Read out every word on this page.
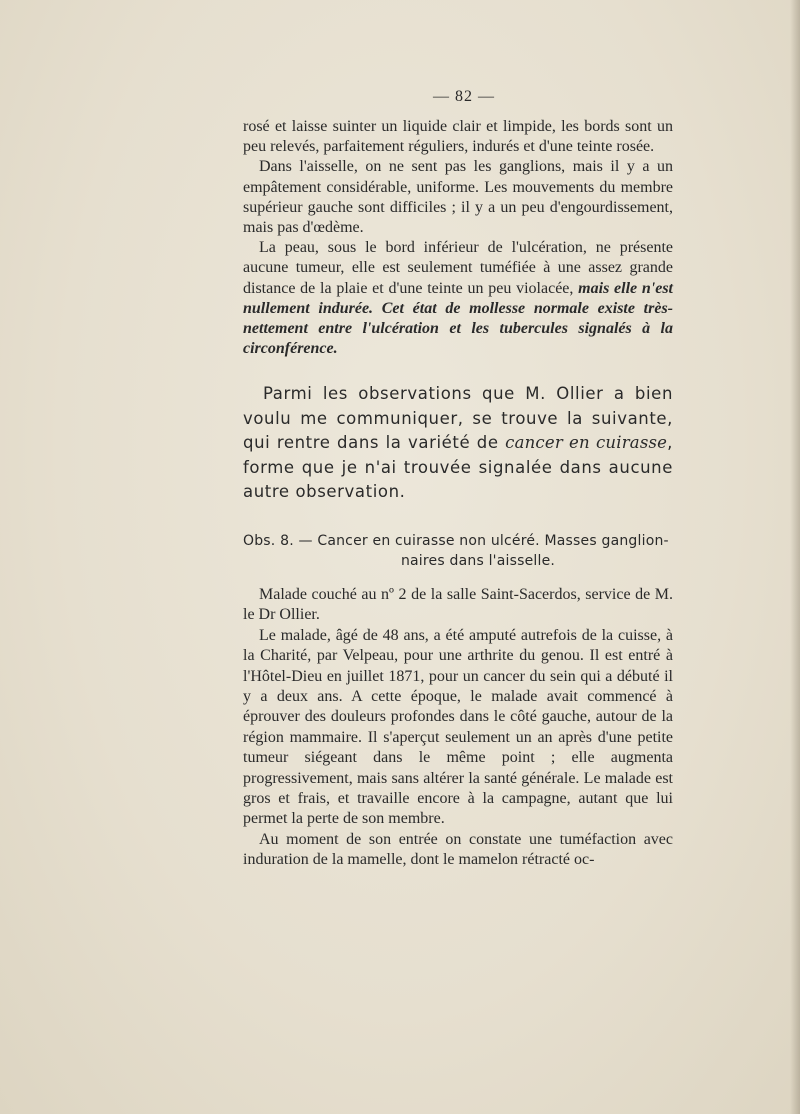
— 82 —

rosé et laisse suinter un liquide clair et limpide, les bords sont un peu relevés, parfaitement réguliers, indurés et d'une teinte rosée.

Dans l'aisselle, on ne sent pas les ganglions, mais il y a un empâtement considérable, uniforme. Les mouvements du membre supérieur gauche sont difficiles ; il y a un peu d'engourdissement, mais pas d'œdème.

La peau, sous le bord inférieur de l'ulcération, ne présente aucune tumeur, elle est seulement tuméfiée à une assez grande distance de la plaie et d'une teinte un peu violacée, mais elle n'est nullement indurée. Cet état de mollesse normale existe très-nettement entre l'ulcération et les tubercules signalés à la circonférence.

Parmi les observations que M. Ollier a bien voulu me communiquer, se trouve la suivante, qui rentre dans la variété de cancer en cuirasse, forme que je n'ai trouvée signalée dans aucune autre observation.

Obs. 8. — Cancer en cuirasse non ulcéré. Masses ganglion-
naires dans l'aisselle.

Malade couché au nº 2 de la salle Saint-Sacerdos, service de M. le Dr Ollier.

Le malade, âgé de 48 ans, a été amputé autrefois de la cuisse, à la Charité, par Velpeau, pour une arthrite du genou. Il est entré à l'Hôtel-Dieu en juillet 1871, pour un cancer du sein qui a débuté il y a deux ans. A cette époque, le malade avait commencé à éprouver des douleurs profondes dans le côté gauche, autour de la région mammaire. Il s'aperçut seulement un an après d'une petite tumeur siégeant dans le même point ; elle augmenta progressivement, mais sans altérer la santé générale. Le malade est gros et frais, et travaille encore à la campagne, autant que lui permet la perte de son membre.

Au moment de son entrée on constate une tuméfaction avec induration de la mamelle, dont le mamelon rétracté oc-
